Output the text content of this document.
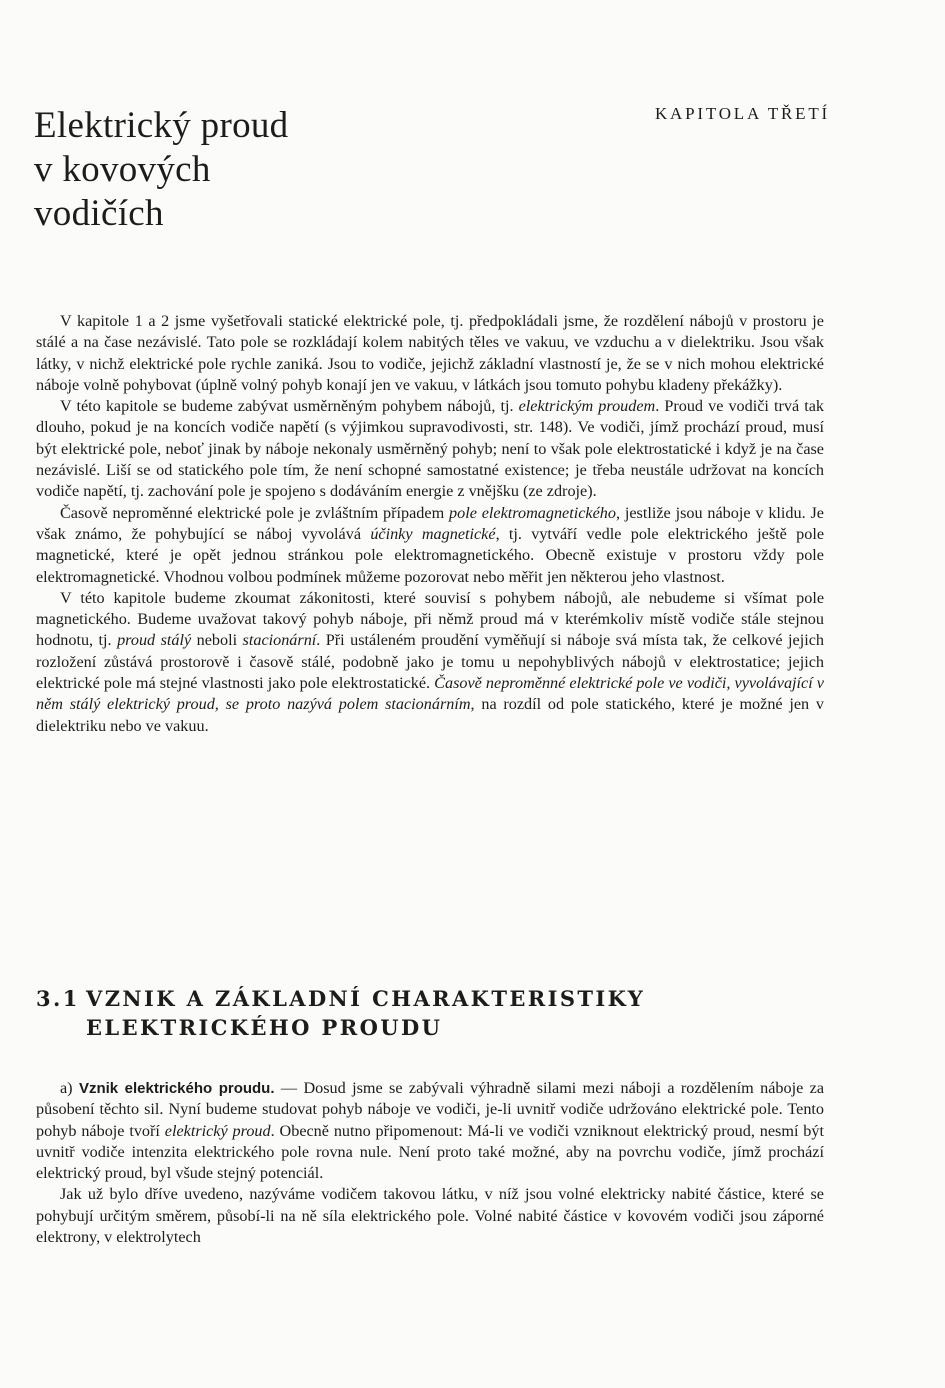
Elektrický proud
v kovových
vodičích
KAPITOLA TŘETÍ

V kapitole 1 a 2 jsme vyšetřovali statické elektrické pole, tj. předpokládali jsme, že rozdělení nábojů v prostoru je stálé a na čase nezávislé. Tato pole se rozkládají kolem nabitých těles ve vakuu, ve vzduchu a v dielektriku. Jsou však látky, v nichž elektrické pole rychle zaniká. Jsou to vodiče, jejichž základní vlastností je, že se v nich mohou elektrické náboje volně pohybovat (úplně volný pohyb konají jen ve vakuu, v látkách jsou tomuto pohybu kladeny překážky).

V této kapitole se budeme zabývat usměrněným pohybem nábojů, tj. elektrickým proudem. Proud ve vodiči trvá tak dlouho, pokud je na koncích vodiče napětí (s výjimkou supravodivosti, str. 148). Ve vodiči, jímž prochází proud, musí být elektrické pole, neboť jinak by náboje nekonaly usměrněný pohyb; není to však pole elektrostatické i když je na čase nezávislé. Liší se od statického pole tím, že není schopné samostatné existence; je třeba neustále udržovat na koncích vodiče napětí, tj. zachování pole je spojeno s dodáváním energie z vnějšku (ze zdroje).

Časově neproměnné elektrické pole je zvláštním případem pole elektromagnetického, jestliže jsou náboje v klidu. Je však známo, že pohybující se náboj vyvolává účinky magnetické, tj. vytváří vedle pole elektrického ještě pole magnetické, které je opět jednou stránkou pole elektromagnetického. Obecně existuje v prostoru vždy pole elektromagnetické. Vhodnou volbou podmínek můžeme pozorovat nebo měřit jen některou jeho vlastnost.

V této kapitole budeme zkoumat zákonitosti, které souvisí s pohybem nábojů, ale nebudeme si všímat pole magnetického. Budeme uvažovat takový pohyb náboje, při němž proud má v kterémkoliv místě vodiče stále stejnou hodnotu, tj. proud stálý neboli stacionární. Při ustáleném proudění vyměňují si náboje svá místa tak, že celkové jejich rozložení zůstává prostorově i časově stálé, podobně jako je tomu u nepohyblivých nábojů v elektrostatice; jejich elektrické pole má stejné vlastnosti jako pole elektrostatické. Časově neproměnné elektrické pole ve vodiči, vyvolávající v něm stálý elektrický proud, se proto nazývá polem stacionárním, na rozdíl od pole statického, které je možné jen v dielektriku nebo ve vakuu.

3.1 VZNIK A ZÁKLADNÍ CHARAKTERISTIKY
ELEKTRICKÉHO PROUDU

a) Vznik elektrického proudu. — Dosud jsme se zabývali výhradně silami mezi náboji a rozdělením náboje za působení těchto sil. Nyní budeme studovat pohyb náboje ve vodiči, je-li uvnitř vodiče udržováno elektrické pole. Tento pohyb náboje tvoří elektrický proud. Obecně nutno připomenout: Má-li ve vodiči vzniknout elektrický proud, nesmí být uvnitř vodiče intenzita elektrického pole rovna nule. Není proto také možné, aby na povrchu vodiče, jímž prochází elektrický proud, byl všude stejný potenciál.

Jak už bylo dříve uvedeno, nazýváme vodičem takovou látku, v níž jsou volné elektricky nabité částice, které se pohybují určitým směrem, působí-li na ně síla elektrického pole. Volné nabité částice v kovovém vodiči jsou záporné elektrony, v elektrolytech
